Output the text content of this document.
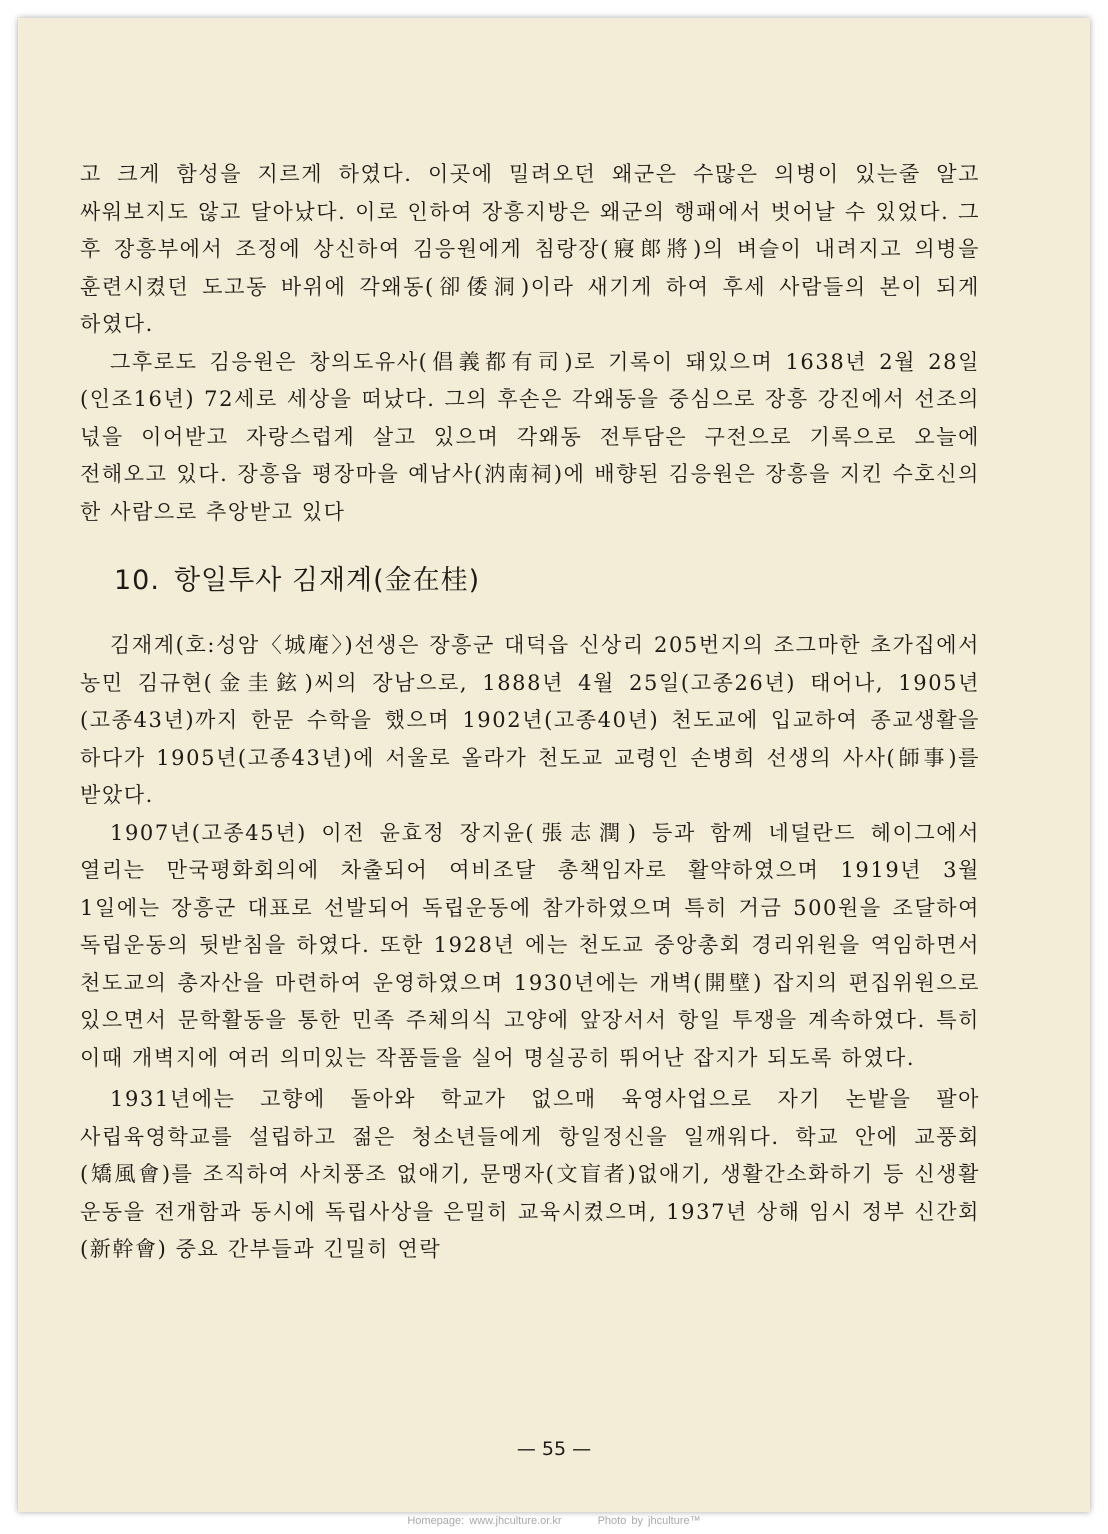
고 크게 함성을 지르게 하였다. 이곳에 밀려오던 왜군은 수많은 의병이 있는줄 알고 싸워보지도 않고 달아났다. 이로 인하여 장흥지방은 왜군의 행패에서 벗어날 수 있었다. 그 후 장흥부에서 조정에 상신하여 김응원에게 침랑장(寢郞將)의 벼슬이 내려지고 의병을 훈련시켰던 도고동 바위에 각왜동(卻倭洞)이라 새기게 하여 후세 사람들의 본이 되게 하였다.

그후로도 김응원은 창의도유사(倡義都有司)로 기록이 돼있으며 1638년 2월 28일(인조16년) 72세로 세상을 떠났다. 그의 후손은 각왜동을 중심으로 장흥 강진에서 선조의 넋을 이어받고 자랑스럽게 살고 있으며 각왜동 전투담은 구전으로 기록으로 오늘에 전해오고 있다. 장흥읍 평장마을 예남사(汭南祠)에 배향된 김응원은 장흥을 지킨 수호신의 한 사람으로 추앙받고 있다

10. 항일투사 김재계(金在桂)

김재계(호:성암〈城庵〉)선생은 장흥군 대덕읍 신상리 205번지의 조그마한 초가집에서 농민 김규현(金圭鉉)씨의 장남으로, 1888년 4월 25일(고종26년) 태어나, 1905년(고종43년)까지 한문 수학을 했으며 1902년(고종40년) 천도교에 입교하여 종교생활을 하다가 1905년(고종43년)에 서울로 올라가 천도교 교령인 손병희 선생의 사사(師事)를 받았다.

1907년(고종45년) 이전 윤효정 장지윤(張志潤) 등과 함께 네덜란드 헤이그에서 열리는 만국평화회의에 차출되어 여비조달 총책임자로 활약하였으며 1919년 3월 1일에는 장흥군 대표로 선발되어 독립운동에 참가하였으며 특히 거금 500원을 조달하여 독립운동의 뒷받침을 하였다. 또한 1928년 에는 천도교 중앙총회 경리위원을 역임하면서 천도교의 총자산을 마련하여 운영하였으며 1930년에는 개벽(開壁) 잡지의 편집위원으로 있으면서 문학활동을 통한 민족 주체의식 고양에 앞장서서 항일 투쟁을 계속하였다. 특히 이때 개벽지에 여러 의미있는 작품들을 실어 명실공히 뛰어난 잡지가 되도록 하였다.

1931년에는 고향에 돌아와 학교가 없으매 육영사업으로 자기 논밭을 팔아 사립육영학교를 설립하고 젊은 청소년들에게 항일정신을 일깨워다. 학교 안에 교풍회(矯風會)를 조직하여 사치풍조 없애기, 문맹자(文盲者)없애기, 생활간소화하기 등 신생활 운동을 전개함과 동시에 독립사상을 은밀히 교육시켰으며, 1937년 상해 임시 정부 신간회(新幹會) 중요 간부들과 긴밀히 연락

— 55 —
Homepage: www.jhculture.or.kr	Photo by jhculture™
